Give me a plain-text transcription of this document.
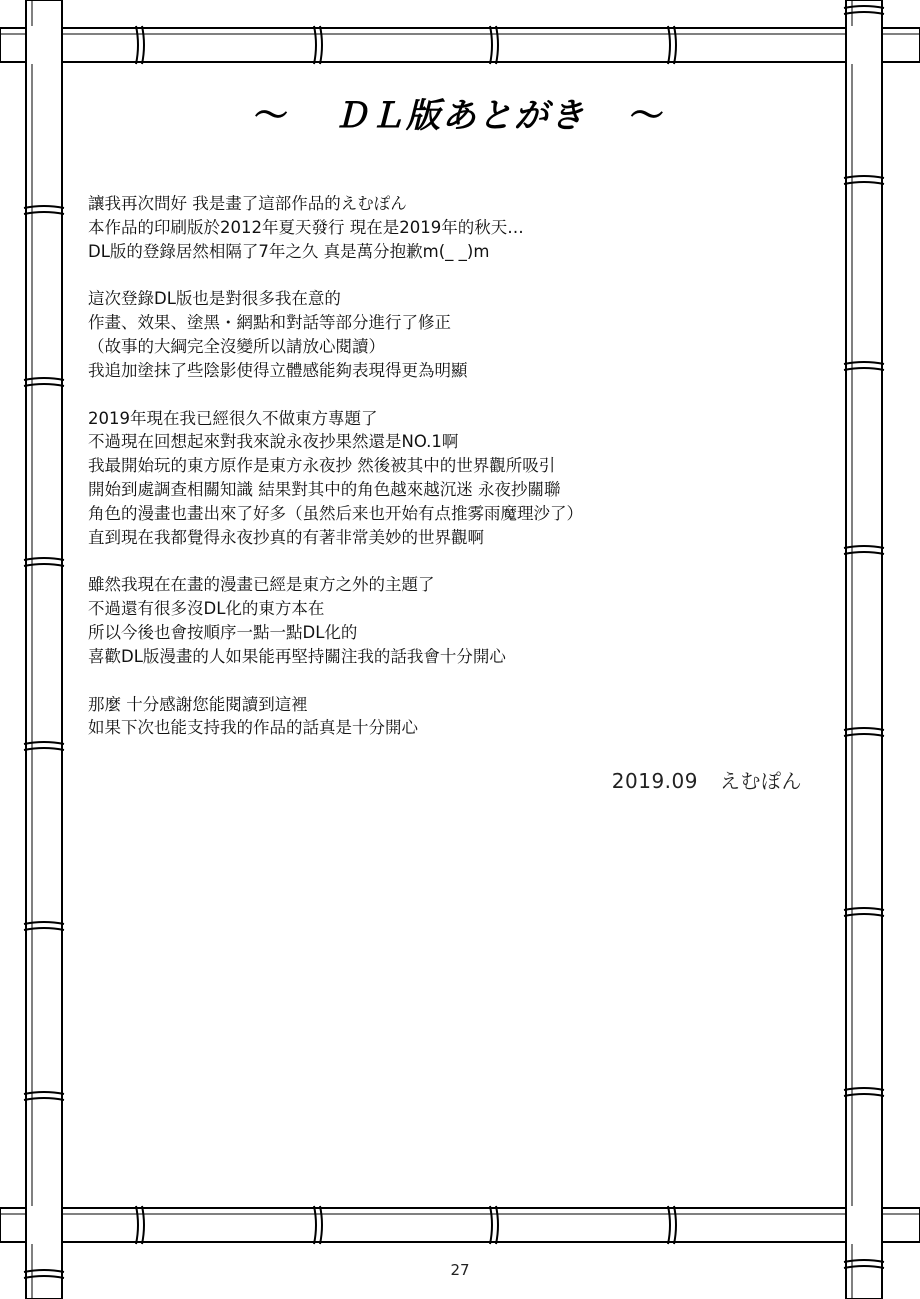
～ ＤＬ版あとがき ～
讓我再次問好 我是畫了這部作品的えむぽん
本作品的印刷版於2012年夏天發行 現在是2019年的秋天…
DL版的登錄居然相隔了7年之久 真是萬分抱歉m(_ _)m
這次登錄DL版也是對很多我在意的
作畫、效果、塗黑・網點和對話等部分進行了修正
（故事的大綱完全沒變所以請放心閱讀）
我追加塗抹了些陰影使得立體感能夠表現得更為明顯
2019年現在我已經很久不做東方專題了
不過現在回想起來對我來說永夜抄果然還是NO.1啊
我最開始玩的東方原作是東方永夜抄 然後被其中的世界觀所吸引
開始到處調查相關知識 結果對其中的角色越來越沉迷 永夜抄關聯
角色的漫畫也畫出來了好多（虽然后来也开始有点推雾雨魔理沙了）
直到現在我都覺得永夜抄真的有著非常美妙的世界觀啊
雖然我現在在畫的漫畫已經是東方之外的主題了
不過還有很多沒DL化的東方本在
所以今後也會按順序一點一點DL化的
喜歡DL版漫畫的人如果能再堅持關注我的話我會十分開心
那麼 十分感謝您能閱讀到這裡
如果下次也能支持我的作品的話真是十分開心
2019.09 えむぽん
27
